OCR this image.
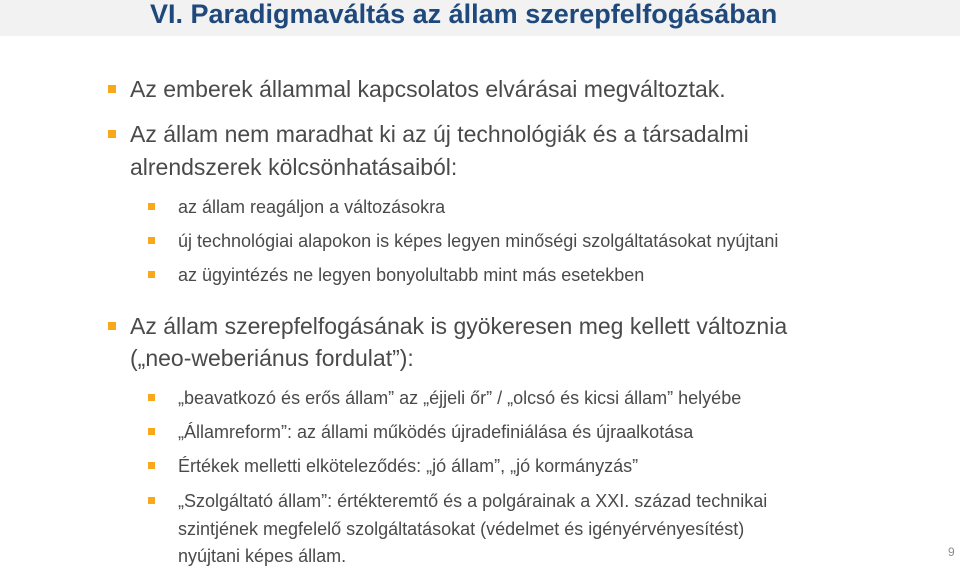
VI. Paradigmaváltás az állam szerepfelfogásában
Az emberek állammal kapcsolatos elvárásai megváltoztak.
Az állam nem maradhat ki az új technológiák és a társadalmi
alrendszerek kölcsönhatásaiból:
az állam reagáljon a változásokra
új technológiai alapokon is képes legyen minőségi szolgáltatásokat nyújtani
az ügyintézés ne legyen bonyolultabb mint más esetekben
Az állam szerepfelfogásának is gyökeresen meg kellett változnia
(„neo-weberiánus fordulat”):
„beavatkozó és erős állam” az „éjjeli őr” / „olcsó és kicsi állam” helyébe
„Államreform”: az állami működés újradefiniálása és újraalkotása
Értékek melletti elköteleződés: „jó állam”, „jó kormányzás”
„Szolgáltató állam”: értékteremtő és a polgárainak a XXI. század technikai
szintjének megfelelő szolgáltatásokat (védelmet és igényérvényesítést)
nyújtani képes állam.	9
